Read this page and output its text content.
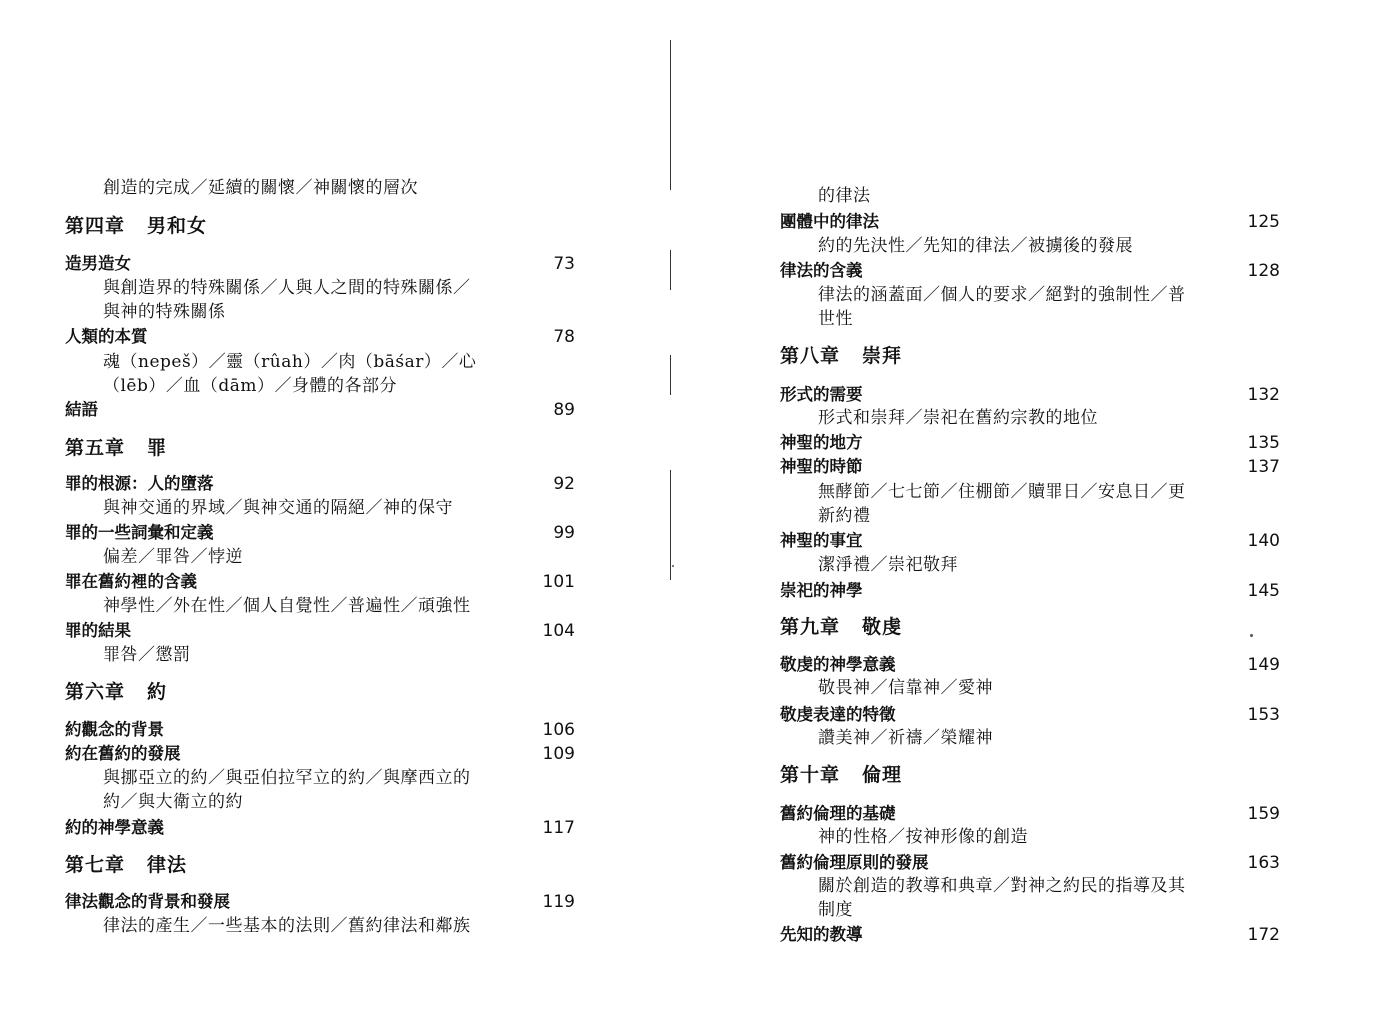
創造的完成／延續的關懷／神關懷的層次
第四章 男和女
造男造女	73
與創造界的特殊關係／人與人之間的特殊關係／
與神的特殊關係
人類的本質	78
魂（nepeš）／靈（rûah）／肉（bāśar）／心
（lēb）／血（dām）／身體的各部分
結語	89
第五章 罪
罪的根源：人的墮落	92
與神交通的界域／與神交通的隔絕／神的保守
罪的一些詞彙和定義	99
偏差／罪咎／悖逆
罪在舊約裡的含義	101
神學性／外在性／個人自覺性／普遍性／頑強性
罪的結果	104
罪咎／懲罰
第六章 約
約觀念的背景	106
約在舊約的發展	109
與挪亞立的約／與亞伯拉罕立的約／與摩西立的
約／與大衛立的約
約的神學意義	117
第七章 律法
律法觀念的背景和發展	119
律法的產生／一些基本的法則／舊約律法和鄰族
的律法
團體中的律法	125
約的先決性／先知的律法／被擄後的發展
律法的含義	128
律法的涵蓋面／個人的要求／絕對的強制性／普
世性
第八章 崇拜
形式的需要	132
形式和崇拜／崇祀在舊約宗教的地位
神聖的地方	135
神聖的時節	137
無酵節／七七節／住棚節／贖罪日／安息日／更
新約禮
神聖的事宜	140
潔淨禮／崇祀敬拜
崇祀的神學	145
第九章 敬虔
敬虔的神學意義	149
敬畏神／信靠神／愛神
敬虔表達的特徵	153
讚美神／祈禱／榮耀神
第十章 倫理
舊約倫理的基礎	159
神的性格／按神形像的創造
舊約倫理原則的發展	163
關於創造的教導和典章／對神之約民的指導及其
制度
先知的教導	172
